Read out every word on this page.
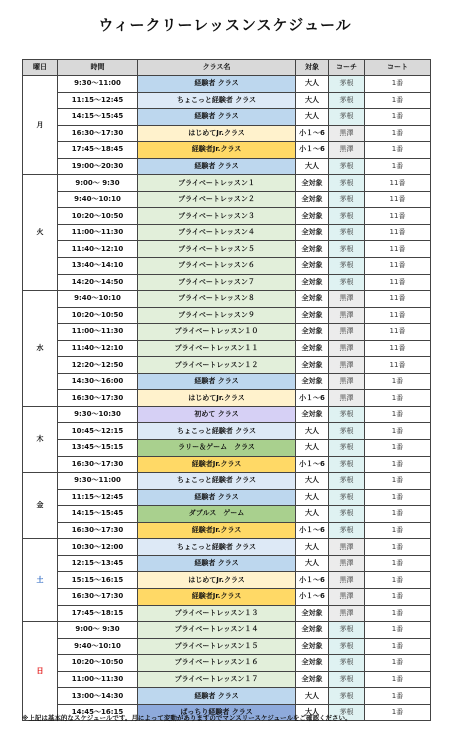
ウィークリーレッスンスケジュール
曜日	時間	クラス名	対象	コーチ	コート
月	9:30〜11:00	経験者 クラス	大人	茅根	1番
	11:15〜12:45	ちょこっと経験者 クラス	大人	茅根	1番
	14:15〜15:45	経験者 クラス	大人	茅根	1番
	16:30〜17:30	はじめてJr.クラス	小１〜6	黒澤	1番
	17:45〜18:45	経験者Jr.クラス	小１〜6	黒澤	1番
	19:00〜20:30	経験者 クラス	大人	茅根	1番
火	9:00〜 9:30	プライベートレッスン１	全対象	茅根	11番
	9:40〜10:10	プライベートレッスン２	全対象	茅根	11番
	10:20〜10:50	プライベートレッスン３	全対象	茅根	11番
	11:00〜11:30	プライベートレッスン４	全対象	茅根	11番
	11:40〜12:10	プライベートレッスン５	全対象	茅根	11番
	13:40〜14:10	プライベートレッスン６	全対象	茅根	11番
	14:20〜14:50	プライベートレッスン７	全対象	茅根	11番
水	9:40〜10:10	プライベートレッスン８	全対象	黒澤	11番
	10:20〜10:50	プライベートレッスン９	全対象	黒澤	11番
	11:00〜11:30	プライベートレッスン１０	全対象	黒澤	11番
	11:40〜12:10	プライベートレッスン１１	全対象	黒澤	11番
	12:20〜12:50	プライベートレッスン１２	全対象	黒澤	11番
	14:30〜16:00	経験者 クラス	全対象	黒澤	1番
	16:30〜17:30	はじめてJr.クラス	小１〜6	黒澤	1番
木	9:30〜10:30	初めて クラス	全対象	茅根	1番
	10:45〜12:15	ちょこっと経験者 クラス	大人	茅根	1番
	13:45〜15:15	ラリー＆ゲーム　クラス	大人	茅根	1番
	16:30〜17:30	経験者Jr.クラス	小１〜6	茅根	1番
金	9:30〜11:00	ちょこっと経験者 クラス	大人	茅根	1番
	11:15〜12:45	経験者 クラス	大人	茅根	1番
	14:15〜15:45	ダブルス　ゲーム	大人	茅根	1番
	16:30〜17:30	経験者Jr.クラス	小１〜6	茅根	1番
土	10:30〜12:00	ちょこっと経験者 クラス	大人	黒澤	1番
	12:15〜13:45	経験者 クラス	大人	黒澤	1番
	15:15〜16:15	はじめてJr.クラス	小１〜6	黒澤	1番
	16:30〜17:30	経験者Jr.クラス	小１〜6	黒澤	1番
	17:45〜18:15	プライベートレッスン１３	全対象	黒澤	1番
日	9:00〜 9:30	プライベートレッスン１４	全対象	茅根	1番
	9:40〜10:10	プライベートレッスン１５	全対象	茅根	1番
	10:20〜10:50	プライベートレッスン１６	全対象	茅根	1番
	11:00〜11:30	プライベートレッスン１７	全対象	茅根	1番
	13:00〜14:30	経験者 クラス	大人	茅根	1番
	14:45〜16:15	ぱっちり経験者 クラス	大人	茅根	1番
※上記は基本的なスケジュールです。月によって変動がありますのでマンスリースケジュールをご確認ください。
